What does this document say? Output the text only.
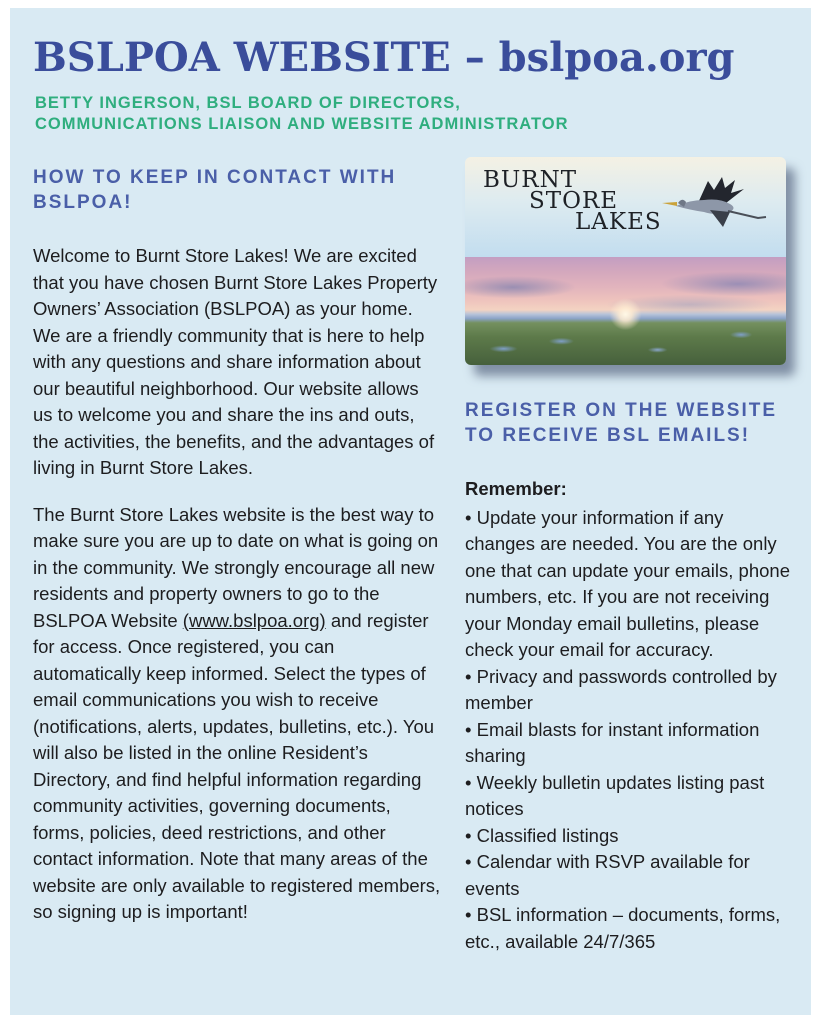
BSLPOA WEBSITE – bslpoa.org
BETTY INGERSON, BSL BOARD OF DIRECTORS,
COMMUNICATIONS LIAISON AND WEBSITE ADMINISTRATOR
HOW TO KEEP IN CONTACT WITH BSLPOA!

Welcome to Burnt Store Lakes! We are excited that you have chosen Burnt Store Lakes Property Owners’ Association (BSLPOA) as your home. We are a friendly community that is here to help with any questions and share information about our beautiful neighborhood. Our website allows us to welcome you and share the ins and outs, the activities, the benefits, and the advantages of living in Burnt Store Lakes.

The Burnt Store Lakes website is the best way to make sure you are up to date on what is going on in the community. We strongly encourage all new residents and property owners to go to the BSLPOA Website (www.bslpoa.org) and register for access. Once registered, you can automatically keep informed. Select the types of email communications you wish to receive (notifications, alerts, updates, bulletins, etc.). You will also be listed in the online Resident’s Directory, and find helpful information regarding community activities, governing documents, forms, policies, deed restrictions, and other contact information. Note that many areas of the website are only available to registered members, so signing up is important!

BURNT
STORE
LAKES
REGISTER ON THE WEBSITE TO RECEIVE BSL EMAILS!

Remember:

• Update your information if any changes are needed. You are the only one that can update your emails, phone numbers, etc. If you are not receiving your Monday email bulletins, please check your email for accuracy.

• Privacy and passwords controlled by member

• Email blasts for instant information sharing

• Weekly bulletin updates listing past notices

• Classified listings

• Calendar with RSVP available for events

• BSL information – documents, forms, etc., available 24/7/365
